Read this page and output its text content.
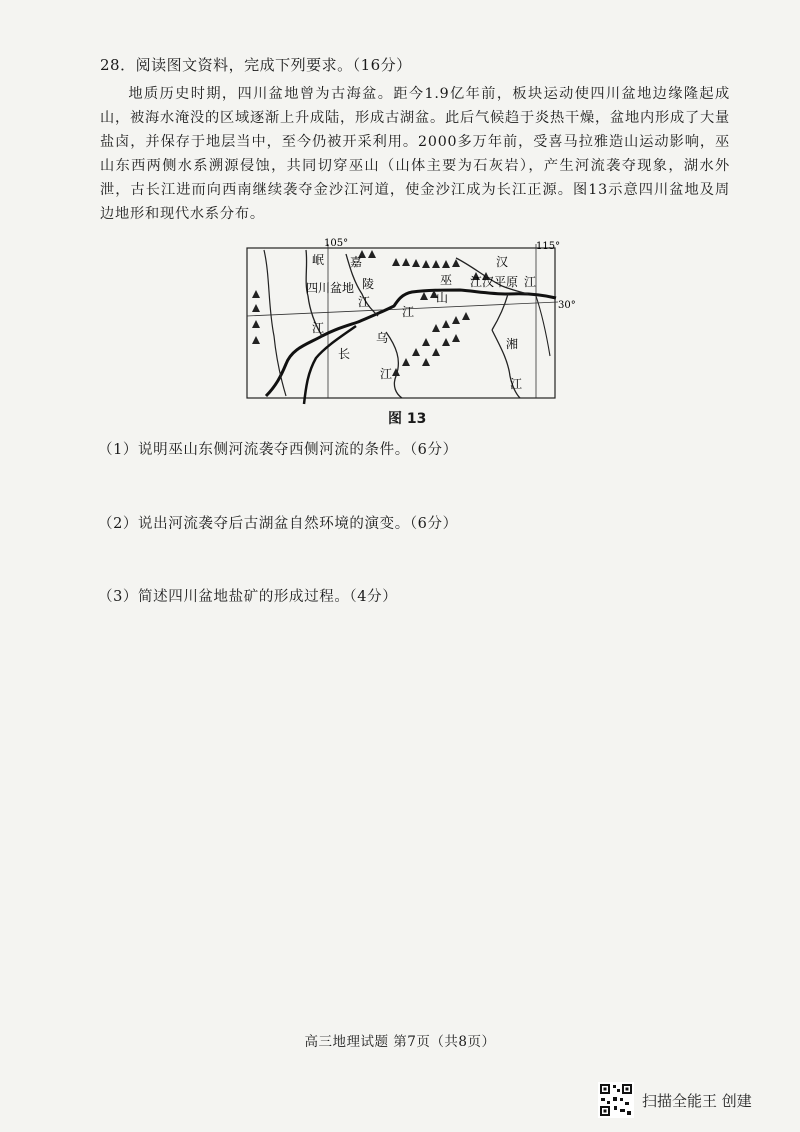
28．阅读图文资料，完成下列要求。（16分）

地质历史时期，四川盆地曾为古海盆。距今1.9亿年前，板块运动使四川盆地边缘隆起成山，被海水淹没的区域逐渐上升成陆，形成古湖盆。此后气候趋于炎热干燥，盆地内形成了大量盐卤，并保存于地层当中，至今仍被开采利用。2000多万年前，受喜马拉雅造山运动影响，巫山东西两侧水系溯源侵蚀，共同切穿巫山（山体主要为石灰岩），产生河流袭夺现象，湖水外泄，古长江进而向西南继续袭夺金沙江河道，使金沙江成为长江正源。图13示意四川盆地及周边地形和现代水系分布。

105°	115°
30°
岷 嘉
四川盆地 陵
江
巫
山
汉
江汉平原 江
江
江
长
乌
江
湘
江
图 13
（1）说明巫山东侧河流袭夺西侧河流的条件。（6分）
（2）说出河流袭夺后古湖盆自然环境的演变。（6分）
（3）简述四川盆地盐矿的形成过程。（4分）
高三地理试题 第7页（共8页）
扫描全能王 创建
